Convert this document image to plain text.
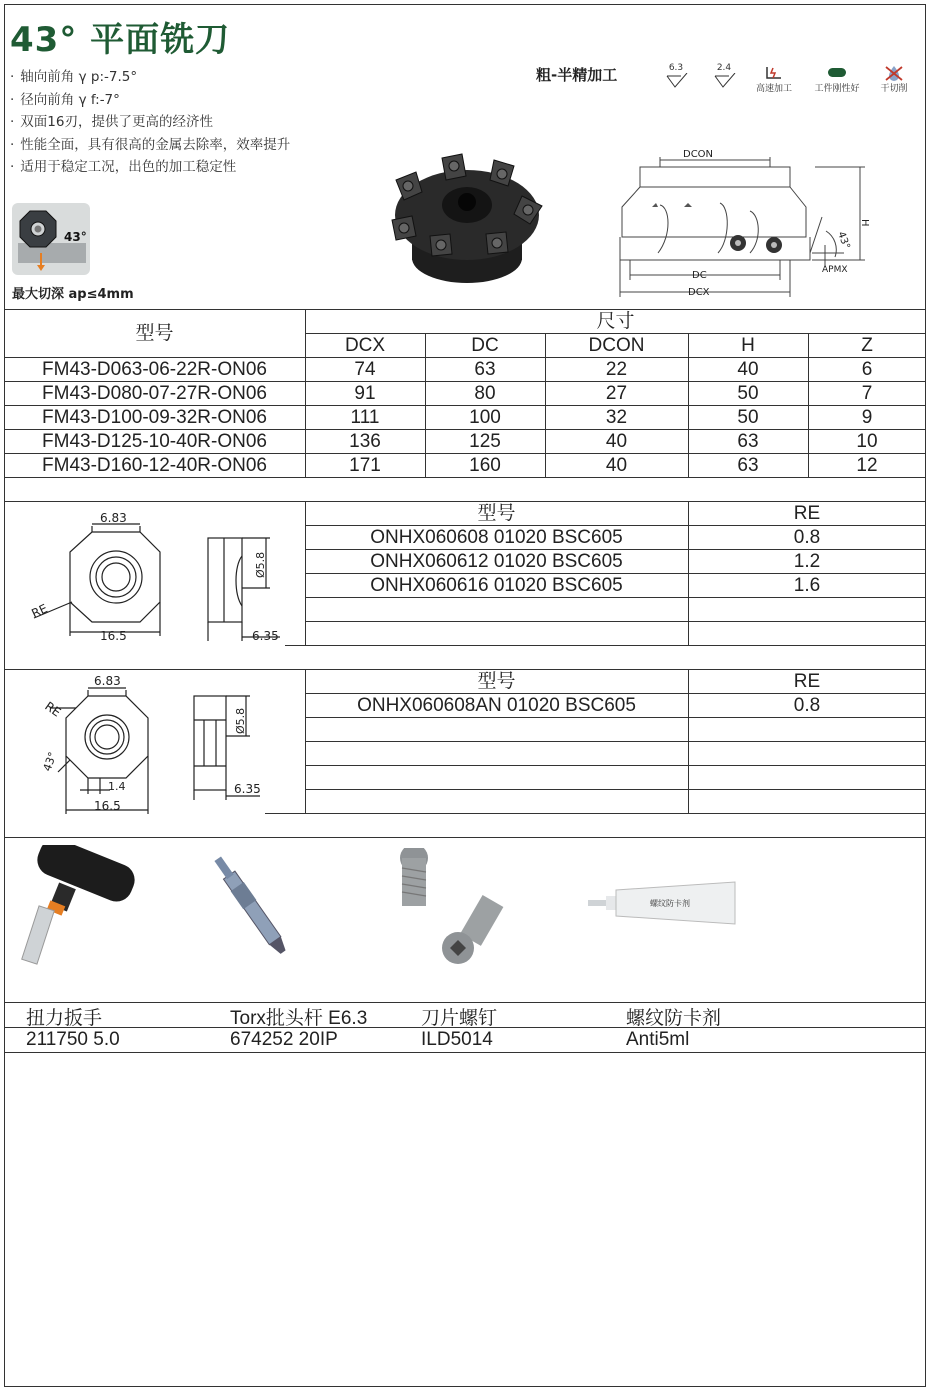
43° 平面铣刀
· 轴向前角 γ p:-7.5°
· 径向前角 γ f:-7°
· 双面16刃，提供了更高的经济性
· 性能全面，具有很高的金属去除率，效率提升
· 适用于稳定工况，出色的加工稳定性
粗-半精加工	6.3	2.4
高速加工	工件刚性好	干切削
43°
最大切深 ap≤4mm
DCON
H
43°
APMX
DC
DCX
型号
尺寸
DCX	DC	DCON	H	Z
FM43-D063-06-22R-ON06	74	63	22	40	6
FM43-D080-07-27R-ON06	91	80	27	50	7
FM43-D100-09-32R-ON06	111	100	32	50	9
FM43-D125-10-40R-ON06	136	125	40	63	10
FM43-D160-12-40R-ON06	171	160	40	63	12
型号	RE
ONHX060608 01020 BSC605	0.8
ONHX060612 01020 BSC605	1.2
ONHX060616 01020 BSC605	1.6
6.83
RE
16.5
Ø5.8
6.35
型号	RE
ONHX060608AN 01020 BSC605	0.8
6.83
RE
43°
1.4
16.5
Ø5.8
6.35
螺纹防卡剂
扭力扳手	Torx批头杆 E6.3	刀片螺钉	螺纹防卡剂
211750 5.0	674252 20IP	ILD5014	Anti5ml
